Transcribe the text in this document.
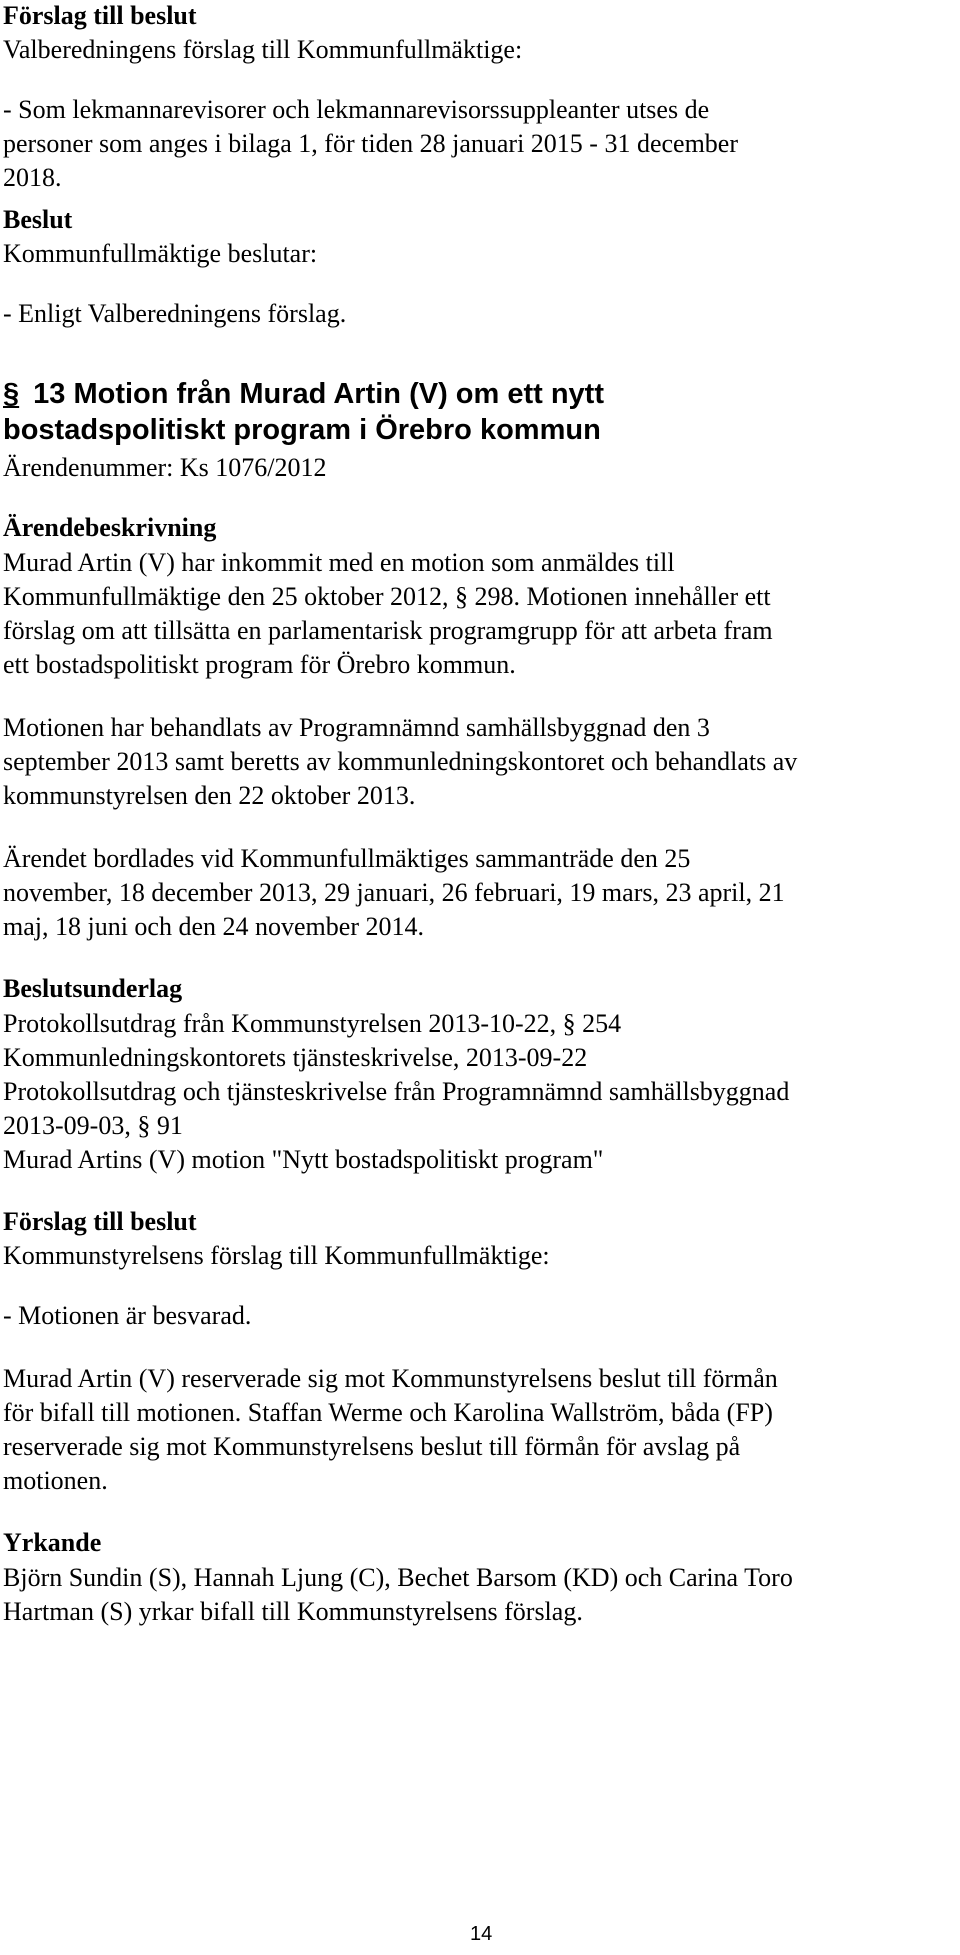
Förslag till beslut

Valberedningens förslag till Kommunfullmäktige:

- Som lekmannarevisorer och lekmannarevisorssuppleanter utses de

personer som anges i bilaga 1, för tiden 28 januari 2015 - 31 december

2018.

Beslut

Kommunfullmäktige beslutar:

- Enligt Valberedningens förslag.

§ 13 Motion från Murad Artin (V) om ett nytt

bostadspolitiskt program i Örebro kommun

Ärendenummer: Ks 1076/2012

Ärendebeskrivning

Murad Artin (V) har inkommit med en motion som anmäldes till

Kommunfullmäktige den 25 oktober 2012, § 298. Motionen innehåller ett

förslag om att tillsätta en parlamentarisk programgrupp för att arbeta fram

ett bostadspolitiskt program för Örebro kommun.

Motionen har behandlats av Programnämnd samhällsbyggnad den 3

september 2013 samt beretts av kommunledningskontoret och behandlats av

kommunstyrelsen den 22 oktober 2013.

Ärendet bordlades vid Kommunfullmäktiges sammanträde den 25

november, 18 december 2013, 29 januari, 26 februari, 19 mars, 23 april, 21

maj, 18 juni och den 24 november 2014.

Beslutsunderlag

Protokollsutdrag från Kommunstyrelsen 2013-10-22, § 254

Kommunledningskontorets tjänsteskrivelse, 2013-09-22

Protokollsutdrag och tjänsteskrivelse från Programnämnd samhällsbyggnad

2013-09-03, § 91

Murad Artins (V) motion "Nytt bostadspolitiskt program"

Förslag till beslut

Kommunstyrelsens förslag till Kommunfullmäktige:

- Motionen är besvarad.

Murad Artin (V) reserverade sig mot Kommunstyrelsens beslut till förmån

för bifall till motionen. Staffan Werme och Karolina Wallström, båda (FP)

reserverade sig mot Kommunstyrelsens beslut till förmån för avslag på

motionen.

Yrkande

Björn Sundin (S), Hannah Ljung (C), Bechet Barsom (KD) och Carina Toro

Hartman (S) yrkar bifall till Kommunstyrelsens förslag.

14
